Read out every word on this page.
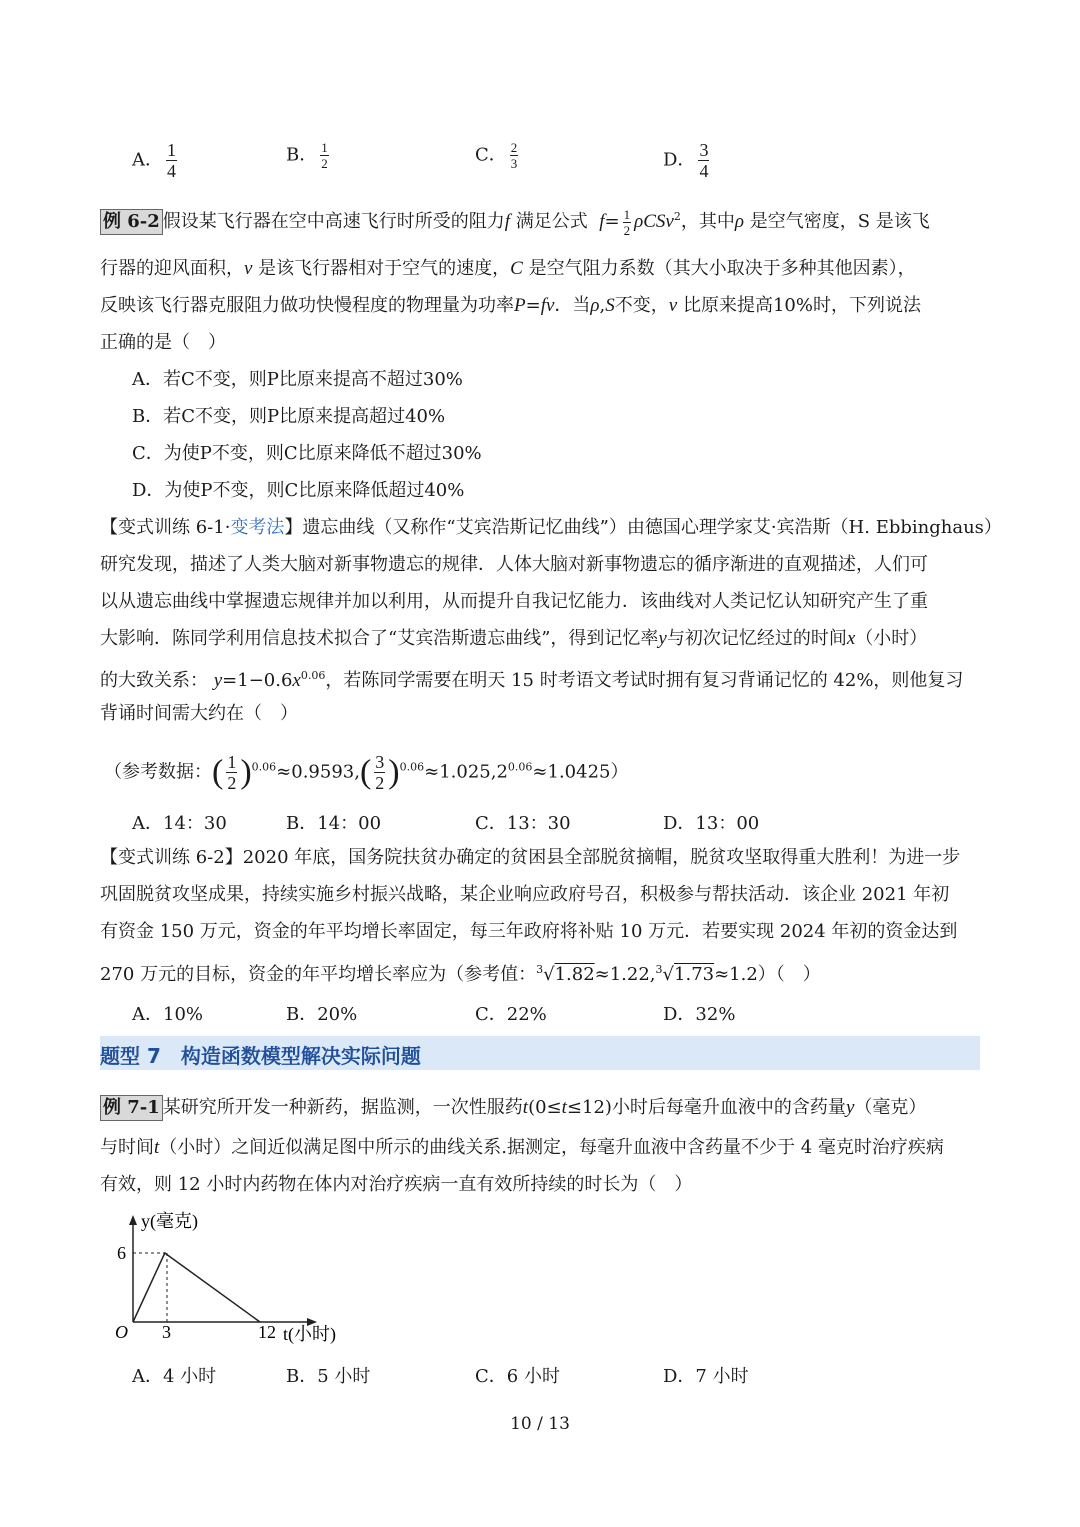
A． $\frac{1}{4}$	B． $\frac{1}{2}$	C． $\frac{2}{3}$	D． $\frac{3}{4}$
例 6-2 假设某飞行器在空中高速飞行时所受的阻力f 满足公式 $f= \frac{1}{2} \rho CSv^2$，其中ρ 是空气密度，S 是该飞
行器的迎风面积，v 是该飞行器相对于空气的速度，C 是空气阻力系数（其大小取决于多种其他因素），
反映该飞行器克服阻力做功快慢程度的物理量为功率P=fv．当ρ,S不变，v 比原来提高10%时，下列说法
正确的是（　）
A．若C不变，则P比原来提高不超过30%
B．若C不变，则P比原来提高超过40%
C．为使P不变，则C比原来降低不超过30%
D．为使P不变，则C比原来降低超过40%
【变式训练 6-1·变考法】遗忘曲线（又称作“艾宾浩斯记忆曲线”）由德国心理学家艾·宾浩斯（H. Ebbinghaus）
研究发现，描述了人类大脑对新事物遗忘的规律．人体大脑对新事物遗忘的循序渐进的直观描述，人们可
以从遗忘曲线中掌握遗忘规律并加以利用，从而提升自我记忆能力．该曲线对人类记忆认知研究产生了重
大影响．陈同学利用信息技术拟合了“艾宾浩斯遗忘曲线”，得到记忆率y与初次记忆经过的时间x（小时）
的大致关系： $y=1-0.6x^{0.06}$，若陈同学需要在明天 15 时考语文考试时拥有复习背诵记忆的 42%，则他复习
背诵时间需大约在（　）
（参考数据：( $\frac{1}{2} )^{0.06}\approx 0.9593,( \frac{3}{2} )^{0.06}\approx 1.025,2^{0.06}\approx 1.0425$）
A．14：30	B．14：00	C．13：30	D．13：00
【变式训练 6-2】2020 年底，国务院扶贫办确定的贫困县全部脱贫摘帽，脱贫攻坚取得重大胜利！为进一步
巩固脱贫攻坚成果，持续实施乡村振兴战略，某企业响应政府号召，积极参与帮扶活动．该企业 2021 年初
有资金 150 万元，资金的年平均增长率固定，每三年政府将补贴 10 万元．若要实现 2024 年初的资金达到
270 万元的目标，资金的年平均增长率应为（参考值：$^3$√1.82≈1.22,$^3$√1.73≈1.2）（　）
A．10%	B．20%	C．22%	D．32%
题型 7　构造函数模型解决实际问题
例 7-1 某研究所开发一种新药，据监测，一次性服药t(0≤t≤12)小时后每毫升血液中的含药量y（毫克）
与时间t（小时）之间近似满足图中所示的曲线关系.据测定，每毫升血液中含药量不少于 4 毫克时治疗疾病
有效，则 12 小时内药物在体内对治疗疾病一直有效所持续的时长为（　）
y(毫克)
6
O 3	12 t(小时)
A．4 小时	B．5 小时	C．6 小时	D．7 小时
10 / 13
